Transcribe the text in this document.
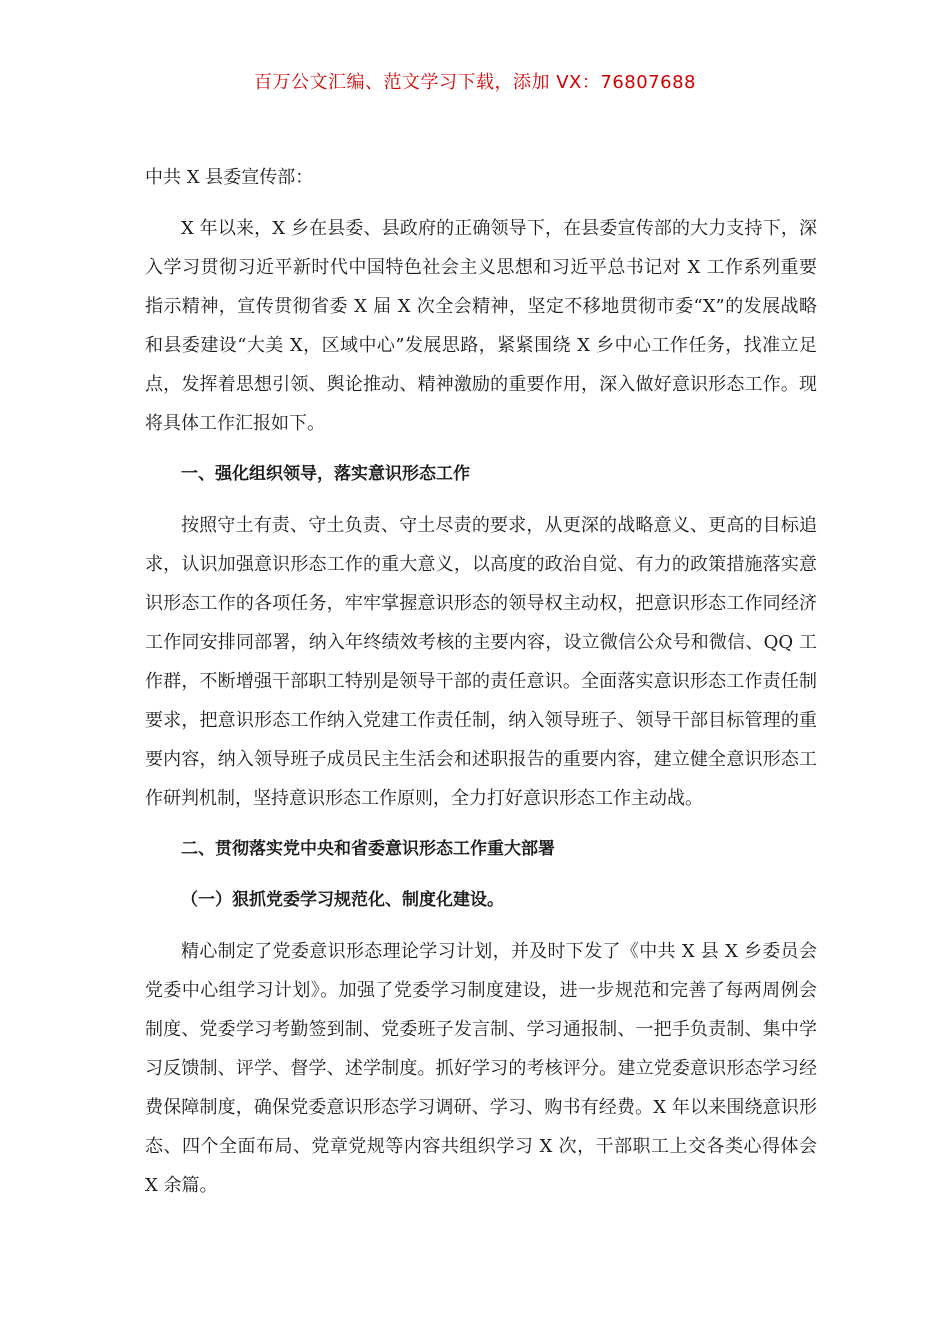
百万公文汇编、范文学习下载，添加 VX：76807688

中共 X 县委宣传部：

X 年以来，X 乡在县委、县政府的正确领导下，在县委宣传部的大力支持下，深入学习贯彻习近平新时代中国特色社会主义思想和习近平总书记对 X 工作系列重要指示精神，宣传贯彻省委 X 届 X 次全会精神，坚定不移地贯彻市委“X”的发展战略和县委建设“大美 X，区域中心”发展思路，紧紧围绕 X 乡中心工作任务，找准立足点，发挥着思想引领、舆论推动、精神激励的重要作用，深入做好意识形态工作。现将具体工作汇报如下。

一、强化组织领导，落实意识形态工作

按照守土有责、守土负责、守土尽责的要求，从更深的战略意义、更高的目标追求，认识加强意识形态工作的重大意义，以高度的政治自觉、有力的政策措施落实意识形态工作的各项任务，牢牢掌握意识形态的领导权主动权，把意识形态工作同经济工作同安排同部署，纳入年终绩效考核的主要内容，设立微信公众号和微信、QQ 工作群，不断增强干部职工特别是领导干部的责任意识。全面落实意识形态工作责任制要求，把意识形态工作纳入党建工作责任制，纳入领导班子、领导干部目标管理的重要内容，纳入领导班子成员民主生活会和述职报告的重要内容，建立健全意识形态工作研判机制，坚持意识形态工作原则，全力打好意识形态工作主动战。

二、贯彻落实党中央和省委意识形态工作重大部署

（一）狠抓党委学习规范化、制度化建设。

精心制定了党委意识形态理论学习计划，并及时下发了《中共 X 县 X 乡委员会党委中心组学习计划》。加强了党委学习制度建设，进一步规范和完善了每两周例会制度、党委学习考勤签到制、党委班子发言制、学习通报制、一把手负责制、集中学习反馈制、评学、督学、述学制度。抓好学习的考核评分。建立党委意识形态学习经费保障制度，确保党委意识形态学习调研、学习、购书有经费。X 年以来围绕意识形态、四个全面布局、党章党规等内容共组织学习 X 次，干部职工上交各类心得体会 X 余篇。
